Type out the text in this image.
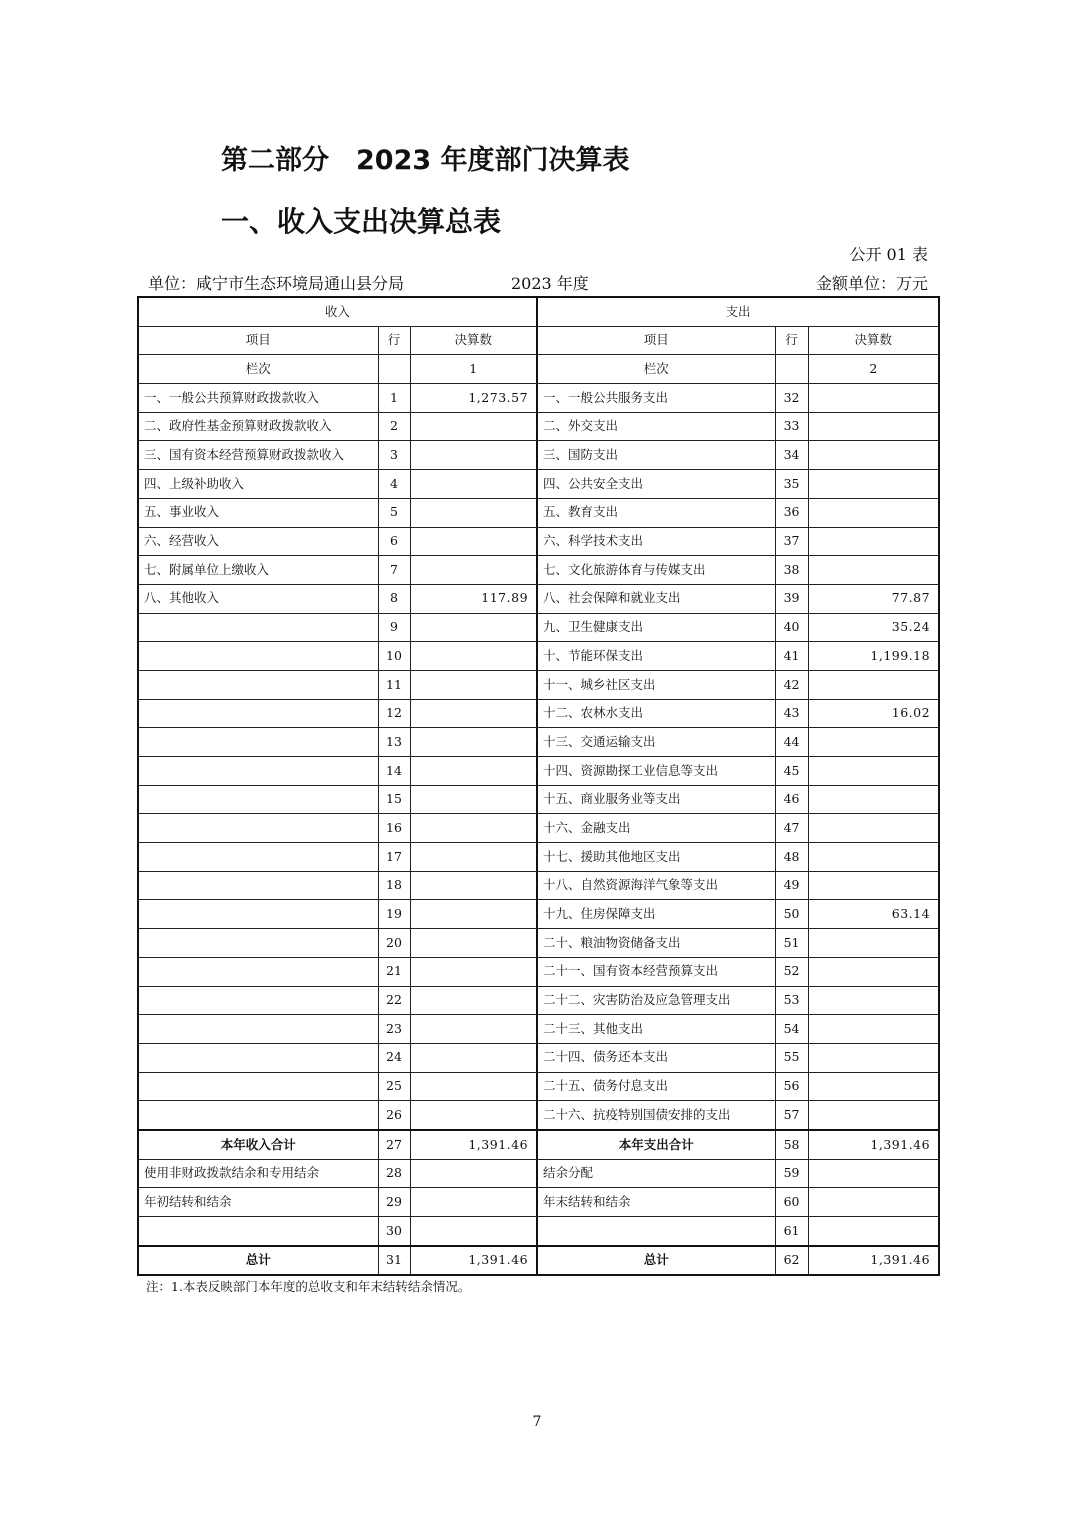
第二部分　2023 年度部门决算表
一、收入支出决算总表
公开 01 表
单位：咸宁市生态环境局通山县分局	2023 年度	金额单位：万元
收入			支出		
项目	行	决算数	项目	行	决算数
栏次		1	栏次		2
一、一般公共预算财政拨款收入	1	1,273.57	一、一般公共服务支出	32	
二、政府性基金预算财政拨款收入	2		二、外交支出	33	
三、国有资本经营预算财政拨款收入	3		三、国防支出	34	
四、上级补助收入	4		四、公共安全支出	35	
五、事业收入	5		五、教育支出	36	
六、经营收入	6		六、科学技术支出	37	
七、附属单位上缴收入	7		七、文化旅游体育与传媒支出	38	
八、其他收入	8	117.89	八、社会保障和就业支出	39	77.87
	9		九、卫生健康支出	40	35.24
	10		十、节能环保支出	41	1,199.18
	11		十一、城乡社区支出	42	
	12		十二、农林水支出	43	16.02
	13		十三、交通运输支出	44	
	14		十四、资源勘探工业信息等支出	45	
	15		十五、商业服务业等支出	46	
	16		十六、金融支出	47	
	17		十七、援助其他地区支出	48	
	18		十八、自然资源海洋气象等支出	49	
	19		十九、住房保障支出	50	63.14
	20		二十、粮油物资储备支出	51	
	21		二十一、国有资本经营预算支出	52	
	22		二十二、灾害防治及应急管理支出	53	
	23		二十三、其他支出	54	
	24		二十四、债务还本支出	55	
	25		二十五、债务付息支出	56	
	26		二十六、抗疫特别国债安排的支出	57	
本年收入合计	27	1,391.46	本年支出合计	58	1,391.46
使用非财政拨款结余和专用结余	28		结余分配	59	
年初结转和结余	29		年末结转和结余	60	
	30			61	
总计	31	1,391.46	总计	62	1,391.46
注：1.本表反映部门本年度的总收支和年末结转结余情况。
7
